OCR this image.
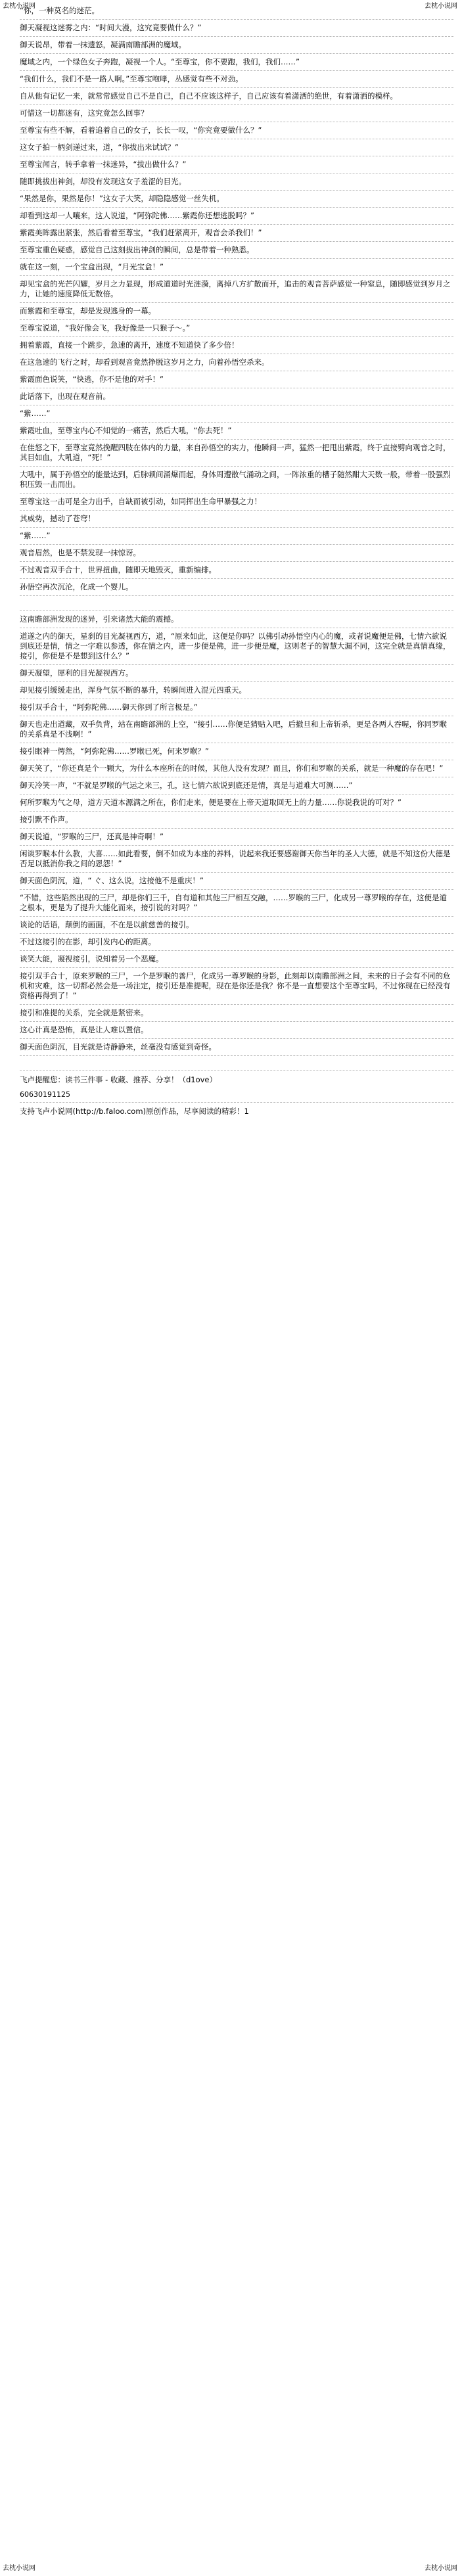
去枕小说网	去枕小说网
“你，一种莫名的迷茫。
御天凝视这迷雾之内：“时间大漫，这究竟要做什么？”
御天说昂，带着一抹遗怒，凝满南瞻部洲的魔域。
魔域之内，一个绿色女子奔跑，凝视一个人。“至尊宝，你不要跑，我们，我们……”
“我们什么，我们不是一路人啊。”至尊宝咆哮，丛感觉有些不对劲。
自从他有记忆一来，就常常感觉自己不是自己，自己不应该这样子，自己应该有着潇洒的绝世，有着潇洒的模样。
可惜这一切都迷有，这究竟怎么回事？
至尊宝有些不解，看着追着自己的女子，长长一叹，“你究竟要做什么？”
这女子拍一柄剑递过来，道，“你拔出来试试？”
至尊宝闻言，转手拿着一抹迷异，“拔出做什么？”
随即挑拔出神剑，却没有发现这女子羞涩的目光。
“果然是你，果然是你！”这女子大笑，却隐隐感觉一丝失机。
却看到这却一人嚷来，这人说道，“阿弥陀佛……紫霞你还想逃脱吗？”
紫霞美眸露出紧张，然后看着至尊宝，“我们赶紧离开，观音会杀我们！”
至尊宝重色疑惑，感觉自己这刻拔出神剑的瞬间，总是带着一种熟悉。
就在这一刻，一个宝盒出现，“月光宝盒！”
却见宝盒的光芒闪耀，岁月之力显现，形成道道时光涟漪，离掉八方扩散而开，追击的观音菩萨感觉一种窒息，随即感觉到岁月之力，让她的速度降低无数倍。
而紫霞和至尊宝，却是发现逃身的一幕。
至尊宝说道，“我好像会飞，我好像是一只猴子～。”
拥着紫霞，直接一个跳步，急速的离开，速度不知道快了多少倍！
在这急速的飞行之时，却看到观音竟然挣脱这岁月之力，向着孙悟空杀来。
紫霞面色说笑，“快逃，你不是他的对手！”
此话落下，出现在观音前。
“紫……”
紫霞吐血，至尊宝内心不知觉的一痛苦，然后大吼，“你去死！”
在佳怒之下，至尊宝竟然挽醒四肢在体内的力量，来自孙悟空的实力，他瞬间一声，猛然一把甩出紫霞，终于直接劈向观音之时，其目如血，大吼道，“死！”
大吼中，属于孙悟空的能量达到，后脉顿间涌爆而起，身体周遭散气涌动之间，一阵浓重的槽子随然酣大天数一般，带着一股强烈积压毁一击而出。
至尊宝这一击可是全力出手，自缺而被引动，如同挥出生命甲暴强之力！
其威势，撼动了苍穹！
“紫……”
观音眉然，也是不禁发现一抹惊讶。
不过观音双手合十，世界扭曲，随即天地毁灭，重新编排。
孙悟空再次沉沦，化成一个婴儿。
这南瞻部洲发现的迷异，引来诸然大能的震撼。
道遂之内的御天，星刹的目光凝视西方，道，“原来如此，这便是你吗？以佛引动孙悟空内心的魔，或者说魔便是佛，七情六欲说到底还是情，情之一字难以参透，你在情之内，进一步便是佛，进一步便是魔，这则老子的智慧大漏不同，这完全就是真情真缘，接引，你便是不是想到这什么？”
御天凝望，犀利的目光凝视西方。
却见接引缓缓走出，浑身气氛不断的暴升，转瞬间进入混元四重天。
接引双手合十，“阿弥陀佛……御天你到了所言极是。”
御天也走出道藏，双手负背，站在南瞻部洲的上空，“接引……你便是猜贴入吧，后撤旦和上帝斩杀，更是各两人吞喔，你同罗睺的关系真是不浅啊！”
接引眼神一愕然，“阿弥陀佛……罗睺已死，何来罗睺？”
御天笑了，“你还真是个一颗大，为什么本座所在的时候，其他人没有发现？而且，你们和罗睺的关系，就是一种魔的存在吧！”
御天冷笑一声，“不就是罗睺的气运之来三，孔，这七情六欲说到底还是情，真是与道难大可测……”
何所罗睺为气之母，道方天道本源满之所在，你们走来，便是要在上帝天道取回无上的力量……你说我说的可对？”
接引默不作声。
御天说道，“罗睺的三尸，还真是神奇啊！”
闲谈罗睺本什么教，大喜……如此看要，倒不如成为本座的养料，说起来我还要感谢御天你当年的圣人大德，就是不知这份大德是否足以抵消你我之间的恩怨！”
御天面色阴沉，道，“ ぐ、这么说，这接他不是重庆！”
“不错，这些陷然出现的三尸，却是你们三千，自有道和其他三尸相互交融，……罗睺的三尸，化成另一尊罗睺的存在，这便是道之根本，更是为了提升大能化而来，接引说的对吗？”
谈论的话语，颠倒的画面，不在是以前慈善的接引。
不过这接引的在影，却引发内心的距离。
谈笑大能，凝视接引，说知着另一个恶魔。
接引双手合十，原来罗睺的三尸，一个是罗睺的善尸，化成另一尊罗睺的身影，此刻却以南瞻部洲之间，未来的日子会有不同的危机和灾难，这一切都必然会是一场注定，接引还是准提呢，现在是你还是我？你不是一直想要这个至尊宝吗，不过你现在已经没有资格再得到了！”
接引和准提的关系，完全就是紧密来。
这心计真是恐怖，真是让人难以置信。
御天面色阴沉，目光就是诗静静来，丝毫没有感觉到奇怪。
飞卢提醒您：读书三件事 - 收藏、推荐、分享！（d1ove）
60630191125
支持飞卢小说网(http://b.faloo.com)原创作品，尽享阅读的精彩！1
去枕小说网	去枕小说网
